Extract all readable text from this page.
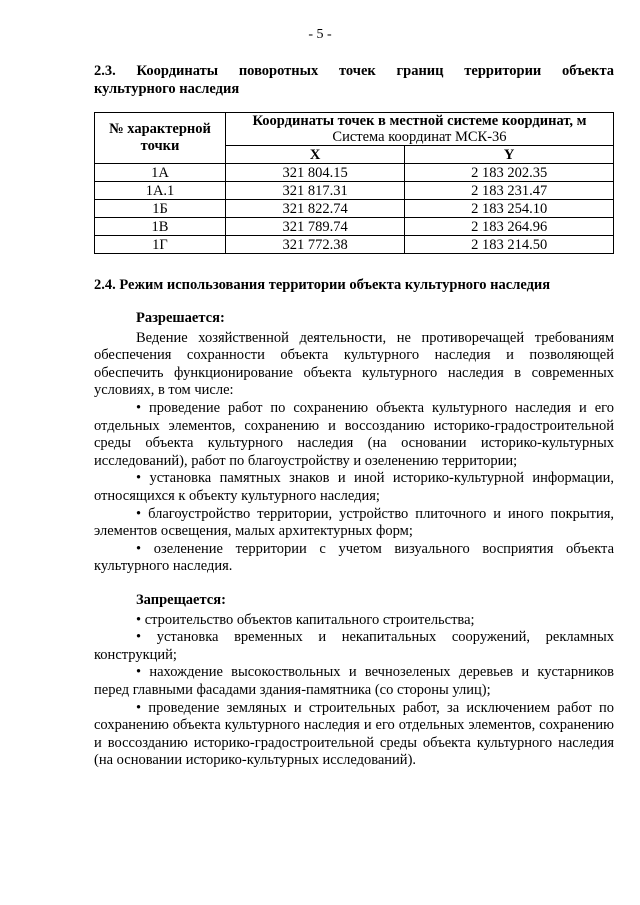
- 5 -
2.3. Координаты поворотных точек границ территории объекта
культурного наследия
№ характерной
точки	Координаты точек в местной системе координат, м
Система координат МСК-36	

	X	Y
1А	321 804.15	2 183 202.35
1А.1	321 817.31	2 183 231.47
1Б	321 822.74	2 183 254.10
1В	321 789.74	2 183 264.96
1Г	321 772.38	2 183 214.50
2.4. Режим использования территории объекта культурного наследия
Разрешается:

Ведение хозяйственной деятельности, не противоречащей требованиям обеспечения сохранности объекта культурного наследия и позволяющей обеспечить функционирование объекта культурного наследия в современных условиях, в том числе:

• проведение работ по сохранению объекта культурного наследия и его отдельных элементов, сохранению и воссозданию историко-градостроительной среды объекта культурного наследия (на основании историко-культурных исследований), работ по благоустройству и озеленению территории;

• установка памятных знаков и иной историко-культурной информации, относящихся к объекту культурного наследия;

• благоустройство территории, устройство плиточного и иного покрытия, элементов освещения, малых архитектурных форм;

• озеленение территории с учетом визуального восприятия объекта культурного наследия.

Запрещается:

• строительство объектов капитального строительства;

• установка временных и некапитальных сооружений, рекламных конструкций;

• нахождение высокоствольных и вечнозеленых деревьев и кустарников перед главными фасадами здания-памятника (со стороны улиц);

• проведение земляных и строительных работ, за исключением работ по сохранению объекта культурного наследия и его отдельных элементов, сохранению и воссозданию историко-градостроительной среды объекта культурного наследия (на основании историко-культурных исследований).
